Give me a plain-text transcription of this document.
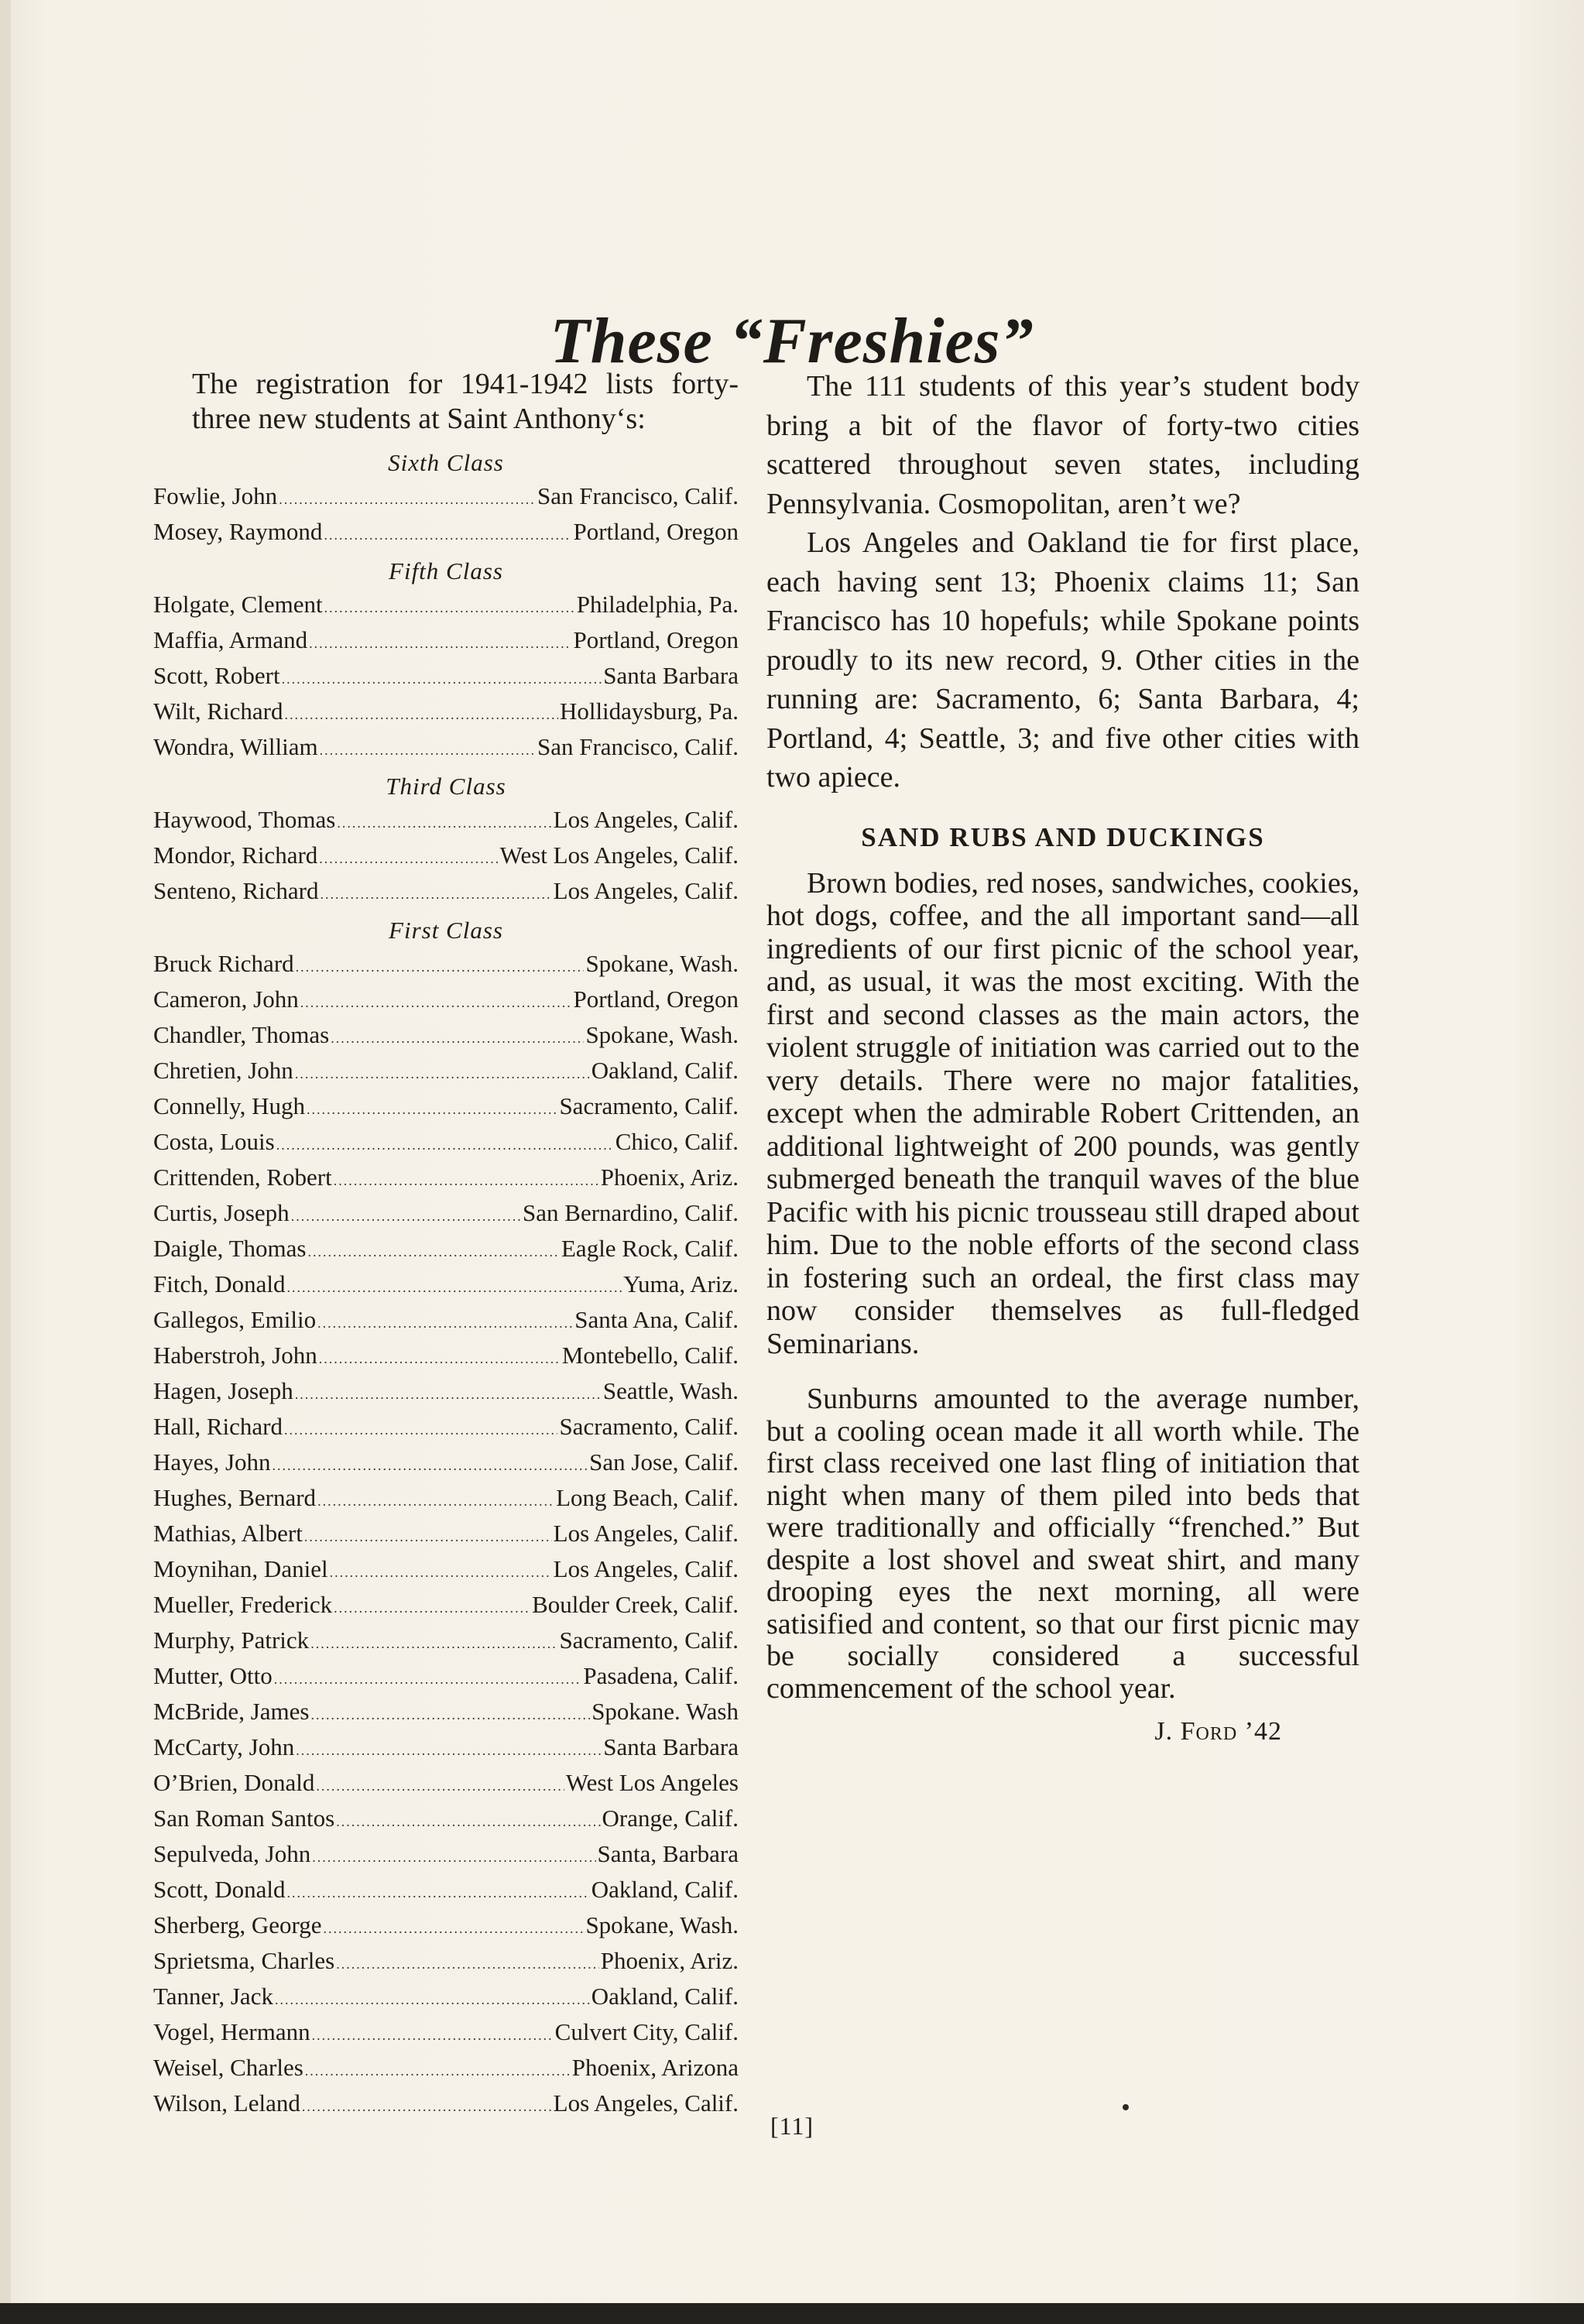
These “Freshies”

The registration for 1941-1942 lists forty-three new students at Saint Anthony‘s:

Sixth Class
Fowlie, John .....	San Francisco, Calif.
Mosey, Raymond .....	Portland, Oregon
Fifth Class
Holgate, Clement .....	Philadelphia, Pa.
Maffia, Armand .....	Portland, Oregon
Scott, Robert .....	Santa Barbara
Wilt, Richard .....	Hollidaysburg, Pa.
Wondra, William .....	San Francisco, Calif.
Third Class
Haywood, Thomas .....	Los Angeles, Calif.
Mondor, Richard .....	West Los Angeles, Calif.
Senteno, Richard .....	Los Angeles, Calif.
First Class
Bruck Richard .....	Spokane, Wash.
Cameron, John .....	Portland, Oregon
Chandler, Thomas .....	Spokane, Wash.
Chretien, John .....	Oakland, Calif.
Connelly, Hugh .....	Sacramento, Calif.
Costa, Louis .....	Chico, Calif.
Crittenden, Robert .....	Phoenix, Ariz.
Curtis, Joseph .....	San Bernardino, Calif.
Daigle, Thomas .....	Eagle Rock, Calif.
Fitch, Donald .....	Yuma, Ariz.
Gallegos, Emilio .....	Santa Ana, Calif.
Haberstroh, John .....	Montebello, Calif.
Hagen, Joseph .....	Seattle, Wash.
Hall, Richard .....	Sacramento, Calif.
Hayes, John .....	San Jose, Calif.
Hughes, Bernard .....	Long Beach, Calif.
Mathias, Albert .....	Los Angeles, Calif.
Moynihan, Daniel .....	Los Angeles, Calif.
Mueller, Frederick .....	Boulder Creek, Calif.
Murphy, Patrick .....	Sacramento, Calif.
Mutter, Otto .....	Pasadena, Calif.
McBride, James .....	Spokane. Wash
McCarty, John .....	Santa Barbara
O’Brien, Donald .....	West Los Angeles
San Roman Santos .....	Orange, Calif.
Sepulveda, John .....	Santa, Barbara
Scott, Donald .....	Oakland, Calif.
Sherberg, George .....	Spokane, Wash.
Sprietsma, Charles .....	Phoenix, Ariz.
Tanner, Jack .....	Oakland, Calif.
Vogel, Hermann .....	Culvert City, Calif.
Weisel, Charles .....	Phoenix, Arizona
Wilson, Leland .....	Los Angeles, Calif.

The 111 students of this year’s student body bring a bit of the flavor of forty-two cities scattered throughout seven states, including Pennsylvania. Cosmopolitan, aren’t we?

Los Angeles and Oakland tie for first place, each having sent 13; Phoenix claims 11; San Francisco has 10 hopefuls; while Spokane points proudly to its new record, 9. Other cities in the running are: Sacramento, 6; Santa Barbara, 4; Portland, 4; Seattle, 3; and five other cities with two apiece.

SAND RUBS AND DUCKINGS

Brown bodies, red noses, sandwiches, cookies, hot dogs, coffee, and the all important sand—all ingredients of our first picnic of the school year, and, as usual, it was the most exciting. With the first and second classes as the main actors, the violent struggle of initiation was carried out to the very details. There were no major fatalities, except when the admirable Robert Crittenden, an additional lightweight of 200 pounds, was gently submerged beneath the tranquil waves of the blue Pacific with his picnic trousseau still draped about him. Due to the noble efforts of the second class in fostering such an ordeal, the first class may now consider themselves as full-fledged Seminarians.

Sunburns amounted to the average number, but a cooling ocean made it all worth while. The first class received one last fling of initiation that night when many of them piled into beds that were traditionally and officially “frenched.” But despite a lost shovel and sweat shirt, and many drooping eyes the next morning, all were satisified and content, so that our first picnic may be socially considered a successful commencement of the school year.

J. Ford ’42
[11]
